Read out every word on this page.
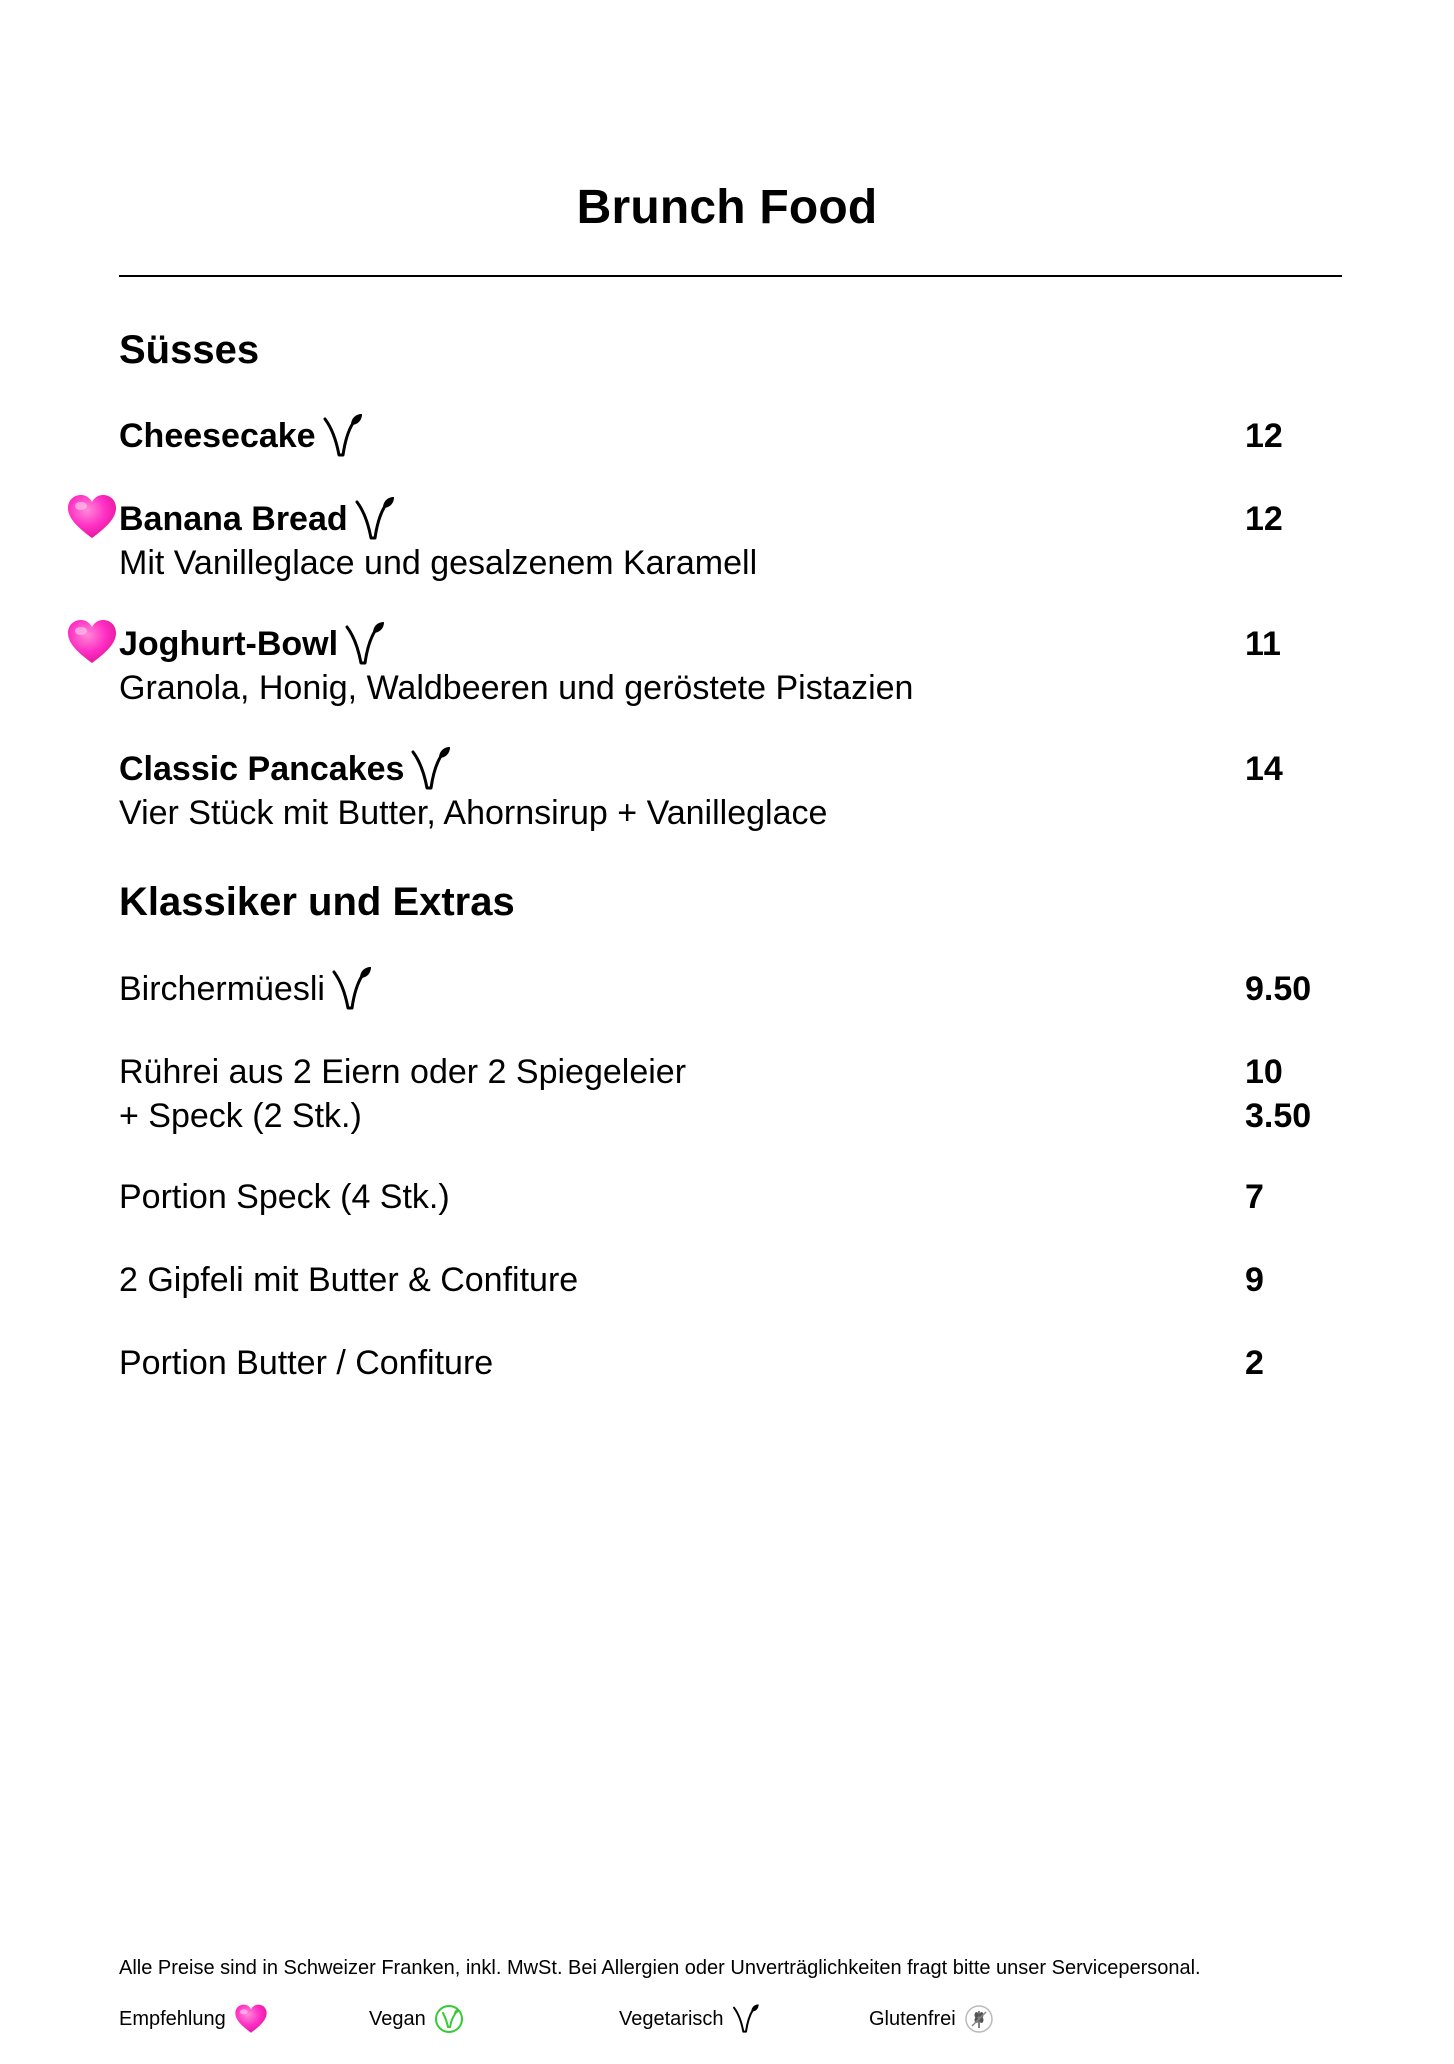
Brunch Food
Süsses
Cheesecake	12
Banana Bread	12
Mit Vanilleglace und gesalzenem Karamell
Joghurt-Bowl	11
Granola, Honig, Waldbeeren und geröstete Pistazien
Classic Pancakes	14
Vier Stück mit Butter, Ahornsirup + Vanilleglace
Klassiker und Extras
Birchermüesli	9.50
Rührei aus 2 Eiern oder 2 Spiegeleier	10
+ Speck (2 Stk.)	3.50
Portion Speck (4 Stk.)	7
2 Gipfeli mit Butter & Confiture	9
Portion Butter / Confiture	2
Alle Preise sind in Schweizer Franken, inkl. MwSt. Bei Allergien oder Unverträglichkeiten fragt bitte unser Servicepersonal.
Empfehlung	Vegan	Vegetarisch	Glutenfrei
